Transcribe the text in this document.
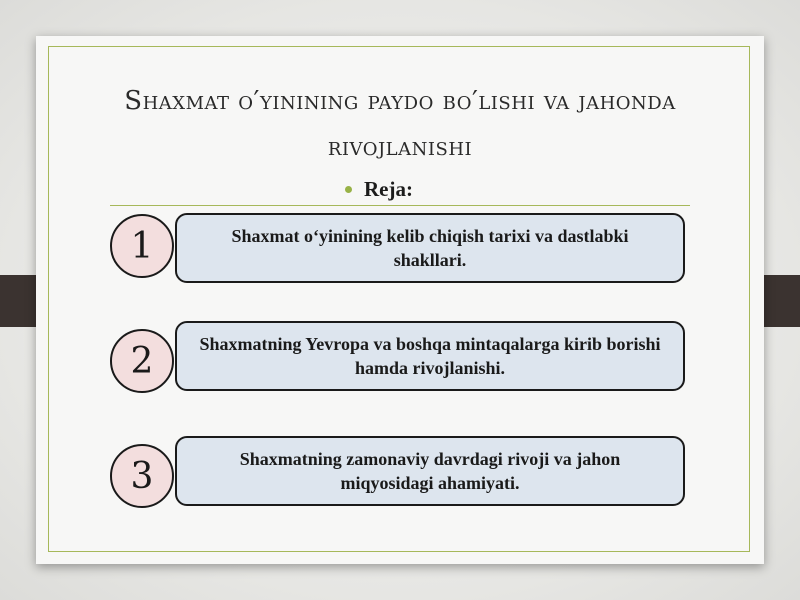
Shaxmat o′yinining paydo bo′lishi va jahonda rivojlanishi
Reja:
1	Shaxmat o‘yinining kelib chiqish tarixi va dastlabki shakllari.
2	Shaxmatning Yevropa va boshqa mintaqalarga kirib borishi hamda rivojlanishi.
3	Shaxmatning zamonaviy davrdagi rivoji va jahon miqyosidagi ahamiyati.
